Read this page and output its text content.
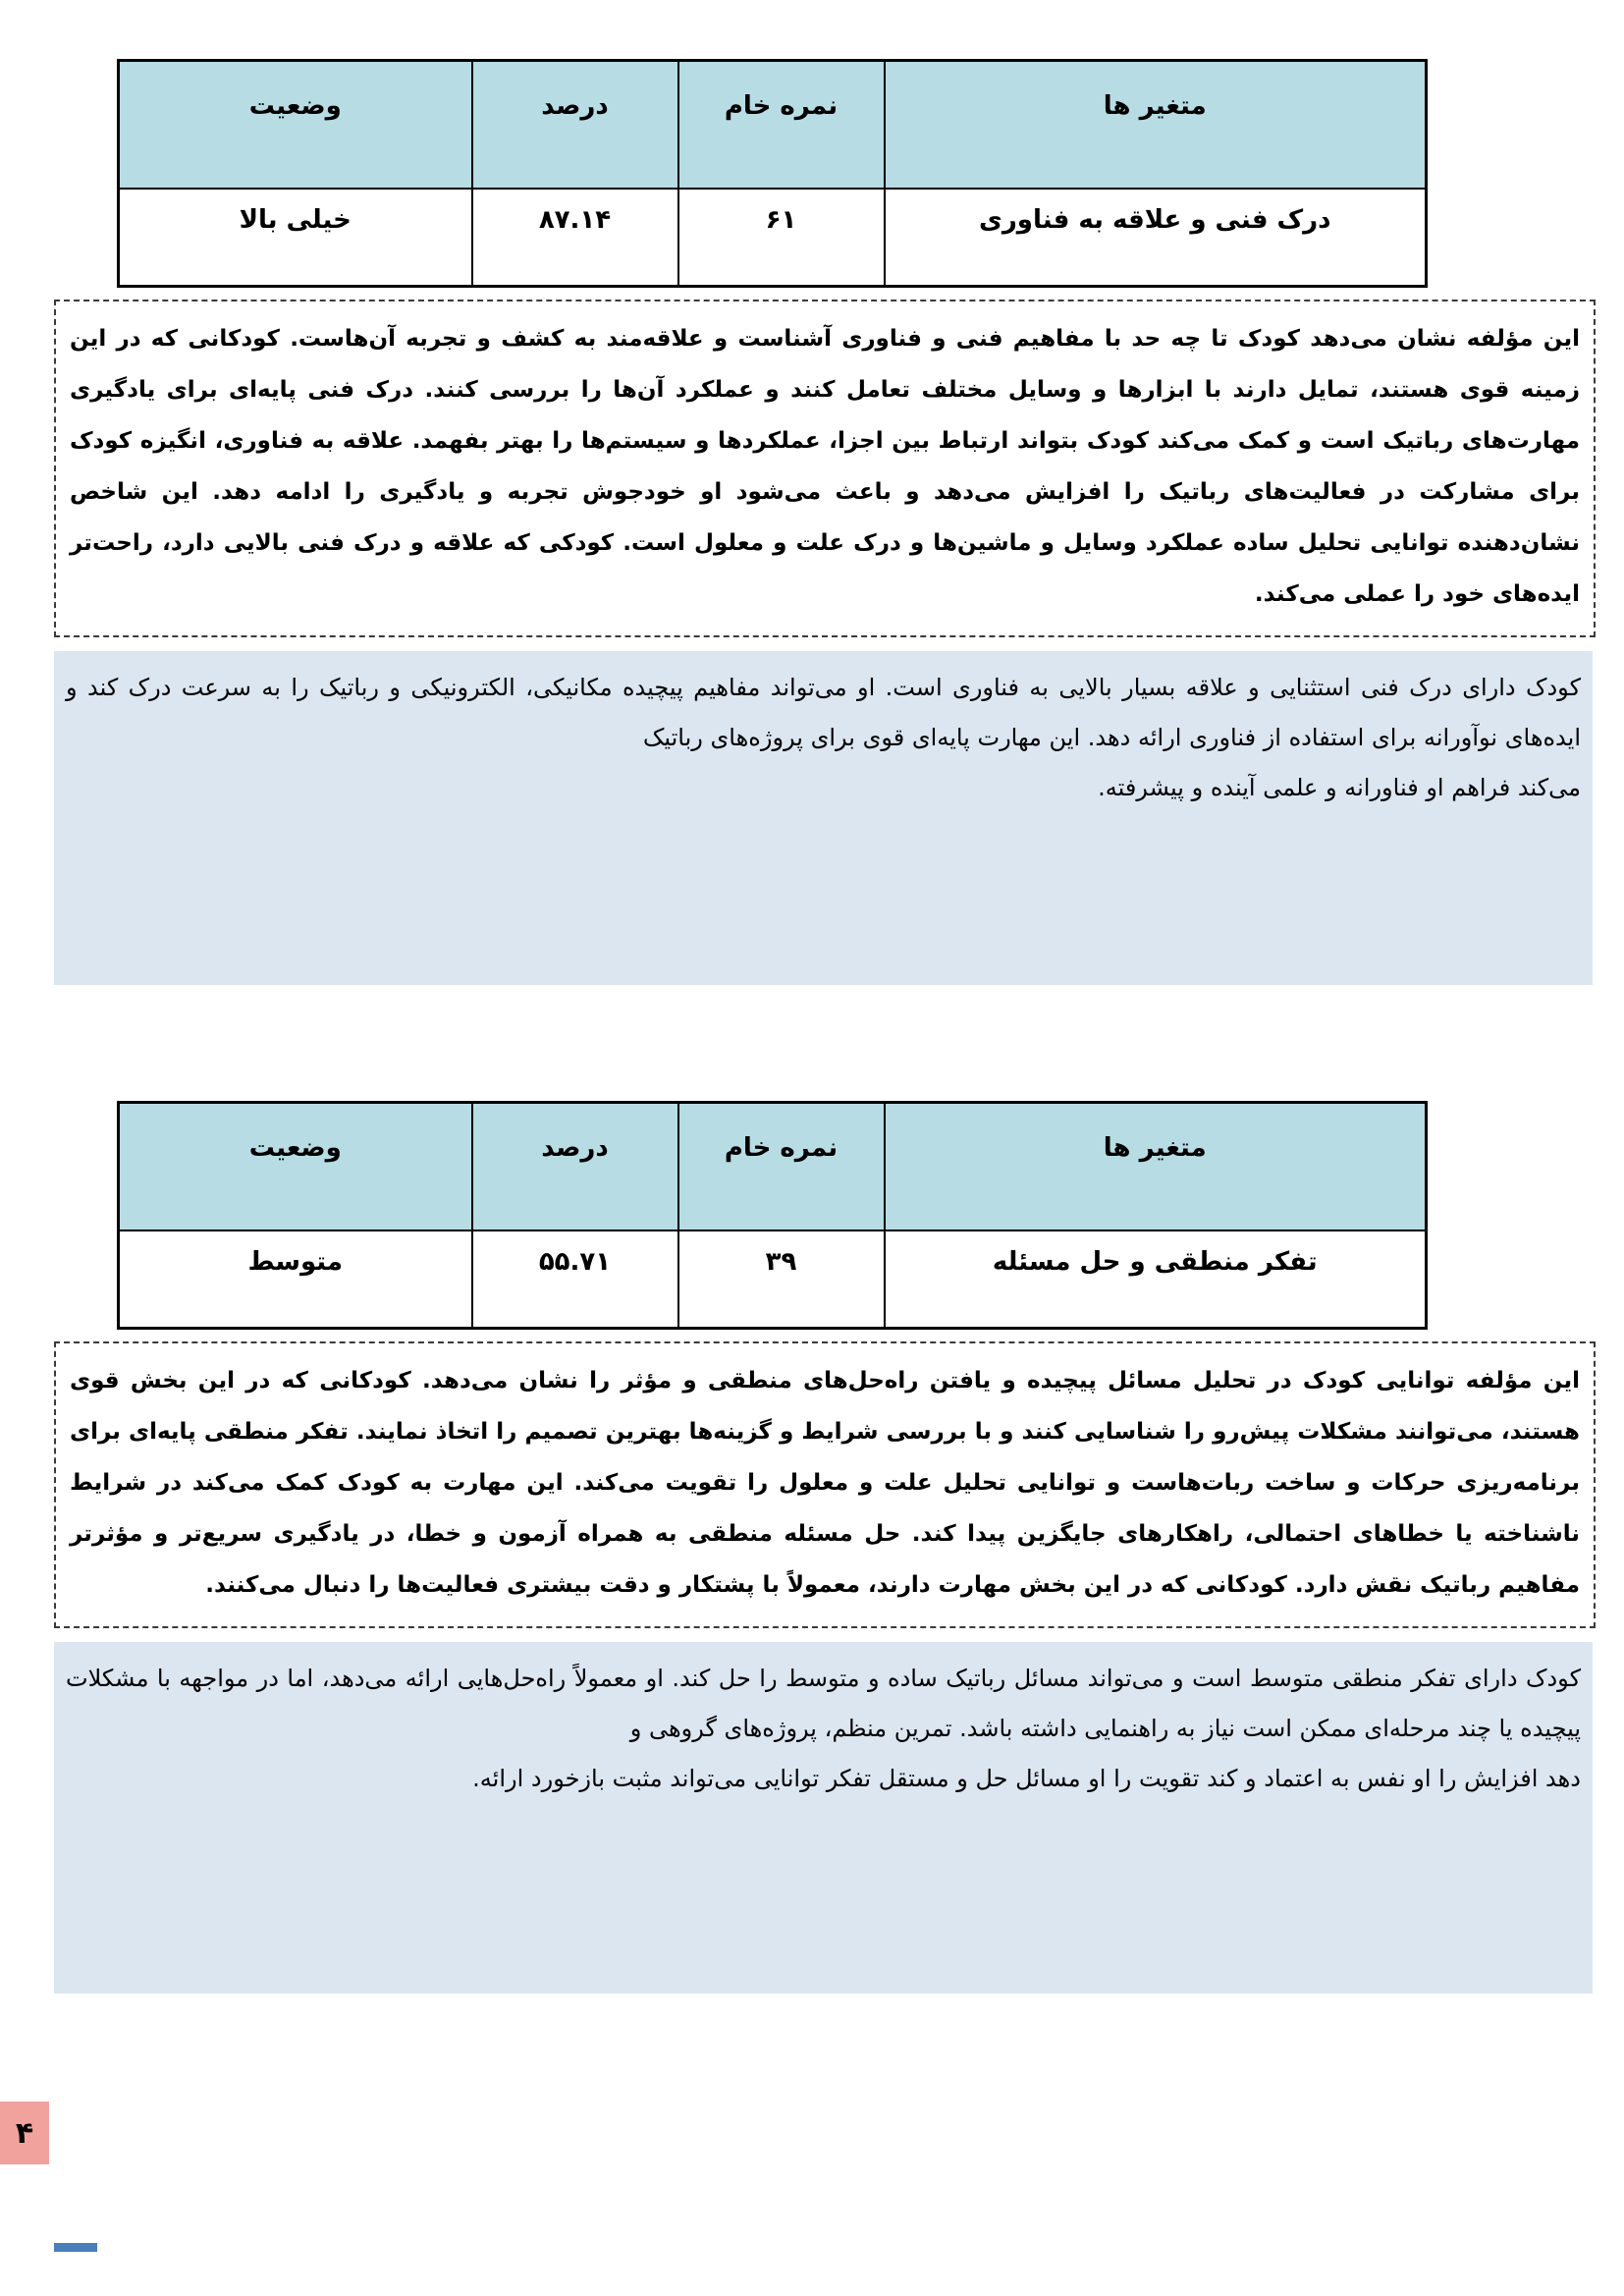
متغیر ها	نمره خام	درصد	وضعیت
درک فنی و علاقه به فناوری	۶۱	۸۷.۱۴	خیلی بالا
این مؤلفه نشان می‌دهد کودک تا چه حد با مفاهیم فنی و فناوری آشناست و علاقه‌مند به کشف و تجربه آن‌هاست. کودکانی که در این زمینه قوی هستند، تمایل دارند با ابزارها و وسایل مختلف تعامل کنند و عملکرد آن‌ها را بررسی کنند. درک فنی پایه‌ای برای یادگیری مهارت‌های رباتیک است و کمک می‌کند کودک بتواند ارتباط بین اجزا، عملکردها و سیستم‌ها را بهتر بفهمد. علاقه به فناوری، انگیزه کودک برای مشارکت در فعالیت‌های رباتیک را افزایش می‌دهد و باعث می‌شود او خودجوش تجربه و یادگیری را ادامه دهد. این شاخص نشان‌دهنده توانایی تحلیل ساده عملکرد وسایل و ماشین‌ها و درک علت و معلول است. کودکی که علاقه و درک فنی بالایی دارد، راحت‌تر ایده‌های خود را عملی می‌کند.
کودک دارای درک فنی استثنایی و علاقه بسیار بالایی به فناوری است. او می‌تواند مفاهیم پیچیده مکانیکی، الکترونیکی و رباتیک را به سرعت درک کند و ایده‌های نوآورانه برای استفاده از فناوری ارائه دهد. این مهارت پایه‌ای قوی برای پروژه‌های رباتیک
.پیشرفته و آینده علمی و فناورانه او فراهم می‌کند
متغیر ها	نمره خام	درصد	وضعیت
تفکر منطقی و حل مسئله	۳۹	۵۵.۷۱	متوسط
این مؤلفه توانایی کودک در تحلیل مسائل پیچیده و یافتن راه‌حل‌های منطقی و مؤثر را نشان می‌دهد. کودکانی که در این بخش قوی هستند، می‌توانند مشکلات پیش‌رو را شناسایی کنند و با بررسی شرایط و گزینه‌ها بهترین تصمیم را اتخاذ نمایند. تفکر منطقی پایه‌ای برای برنامه‌ریزی حرکات و ساخت ربات‌هاست و توانایی تحلیل علت و معلول را تقویت می‌کند. این مهارت به کودک کمک می‌کند در شرایط ناشناخته یا خطاهای احتمالی، راهکارهای جایگزین پیدا کند. حل مسئله منطقی به همراه آزمون و خطا، در یادگیری سریع‌تر و مؤثرتر مفاهیم رباتیک نقش دارد. کودکانی که در این بخش مهارت دارند، معمولاً با پشتکار و دقت بیشتری فعالیت‌ها را دنبال می‌کنند.
کودک دارای تفکر منطقی متوسط است و می‌تواند مسائل رباتیک ساده و متوسط را حل کند. او معمولاً راه‌حل‌هایی ارائه می‌دهد، اما در مواجهه با مشکلات پیچیده یا چند مرحله‌ای ممکن است نیاز به راهنمایی داشته باشد. تمرین منظم، پروژه‌های گروهی و
.ارائه بازخورد مثبت می‌تواند توانایی تفکر مستقل و حل مسائل او را تقویت کند و اعتماد به نفس او را افزایش دهد
۴
